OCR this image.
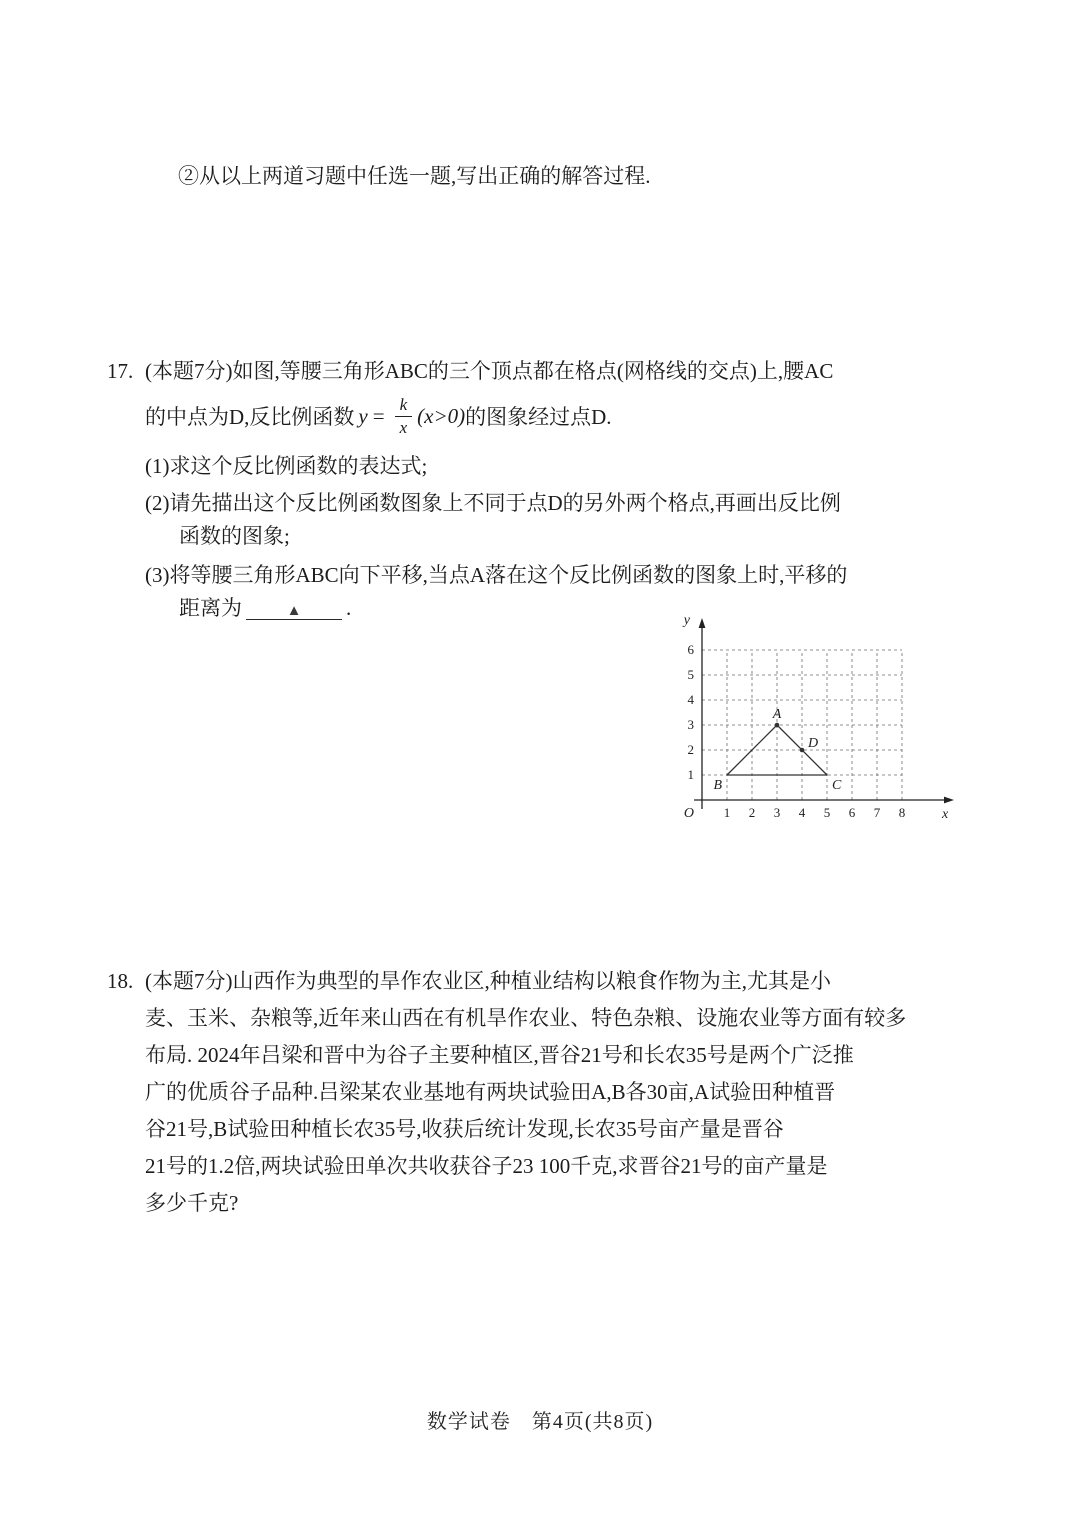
②从以上两道习题中任选一题,写出正确的解答过程.
17. (本题7分)如图,等腰三角形ABC的三个顶点都在格点(网格线的交点)上,腰AC
的中点为D,反比例函数 $y = \frac{k}{x} (x>0)$ 的图象经过点D.
(1)求这个反比例函数的表达式;
(2)请先描出这个反比例函数图象上不同于点D的另外两个格点,再画出反比例
函数的图象;
(3)将等腰三角形ABC向下平移,当点A落在这个反比例函数的图象上时,平移的
距离为	▲ .
1 2 3 4 5 6 7 8
1
2
3
4
5
6
O	x
y
A
D
B	C
18. (本题7分)山西作为典型的旱作农业区,种植业结构以粮食作物为主,尤其是小
麦、玉米、杂粮等,近年来山西在有机旱作农业、特色杂粮、设施农业等方面有较多
布局. 2024年吕梁和晋中为谷子主要种植区,晋谷21号和长农35号是两个广泛推
广的优质谷子品种.吕梁某农业基地有两块试验田A,B各30亩,A试验田种植晋
谷21号,B试验田种植长农35号,收获后统计发现,长农35号亩产量是晋谷
21号的1.2倍,两块试验田单次共收获谷子23 100千克,求晋谷21号的亩产量是
多少千克?
数学试卷　第4页(共8页)
